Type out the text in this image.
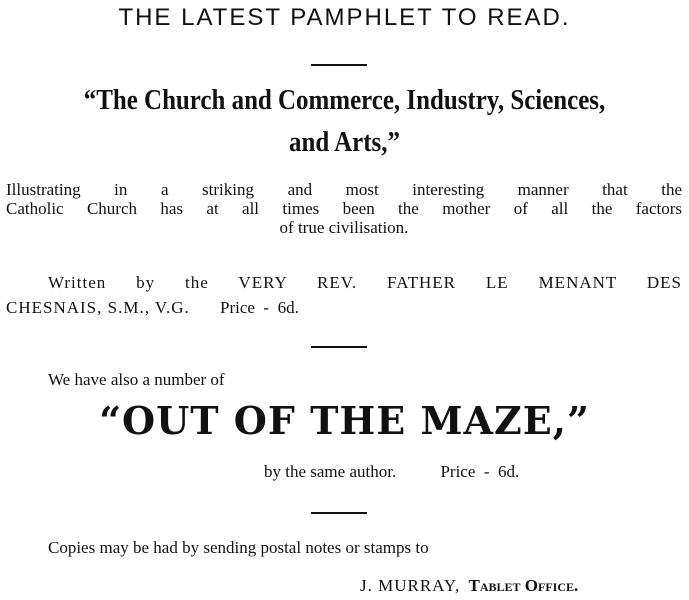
THE LATEST PAMPHLET TO READ.
“The Church and Commerce, Industry, Sciences,
and Arts,”

Illustrating in a striking and most interesting manner that the

Catholic Church has at all times been the mother of all the factors

of true civilisation.

Written by the VERY REV. FATHER LE MENANT DES
CHESNAIS, S.M., V.G. Price  -  6d.
We have also a number of
“OUT OF THE MAZE,”
by the same author.	Price  -  6d.
Copies may be had by sending postal notes or stamps to
J. MURRAY, Tablet Office.
